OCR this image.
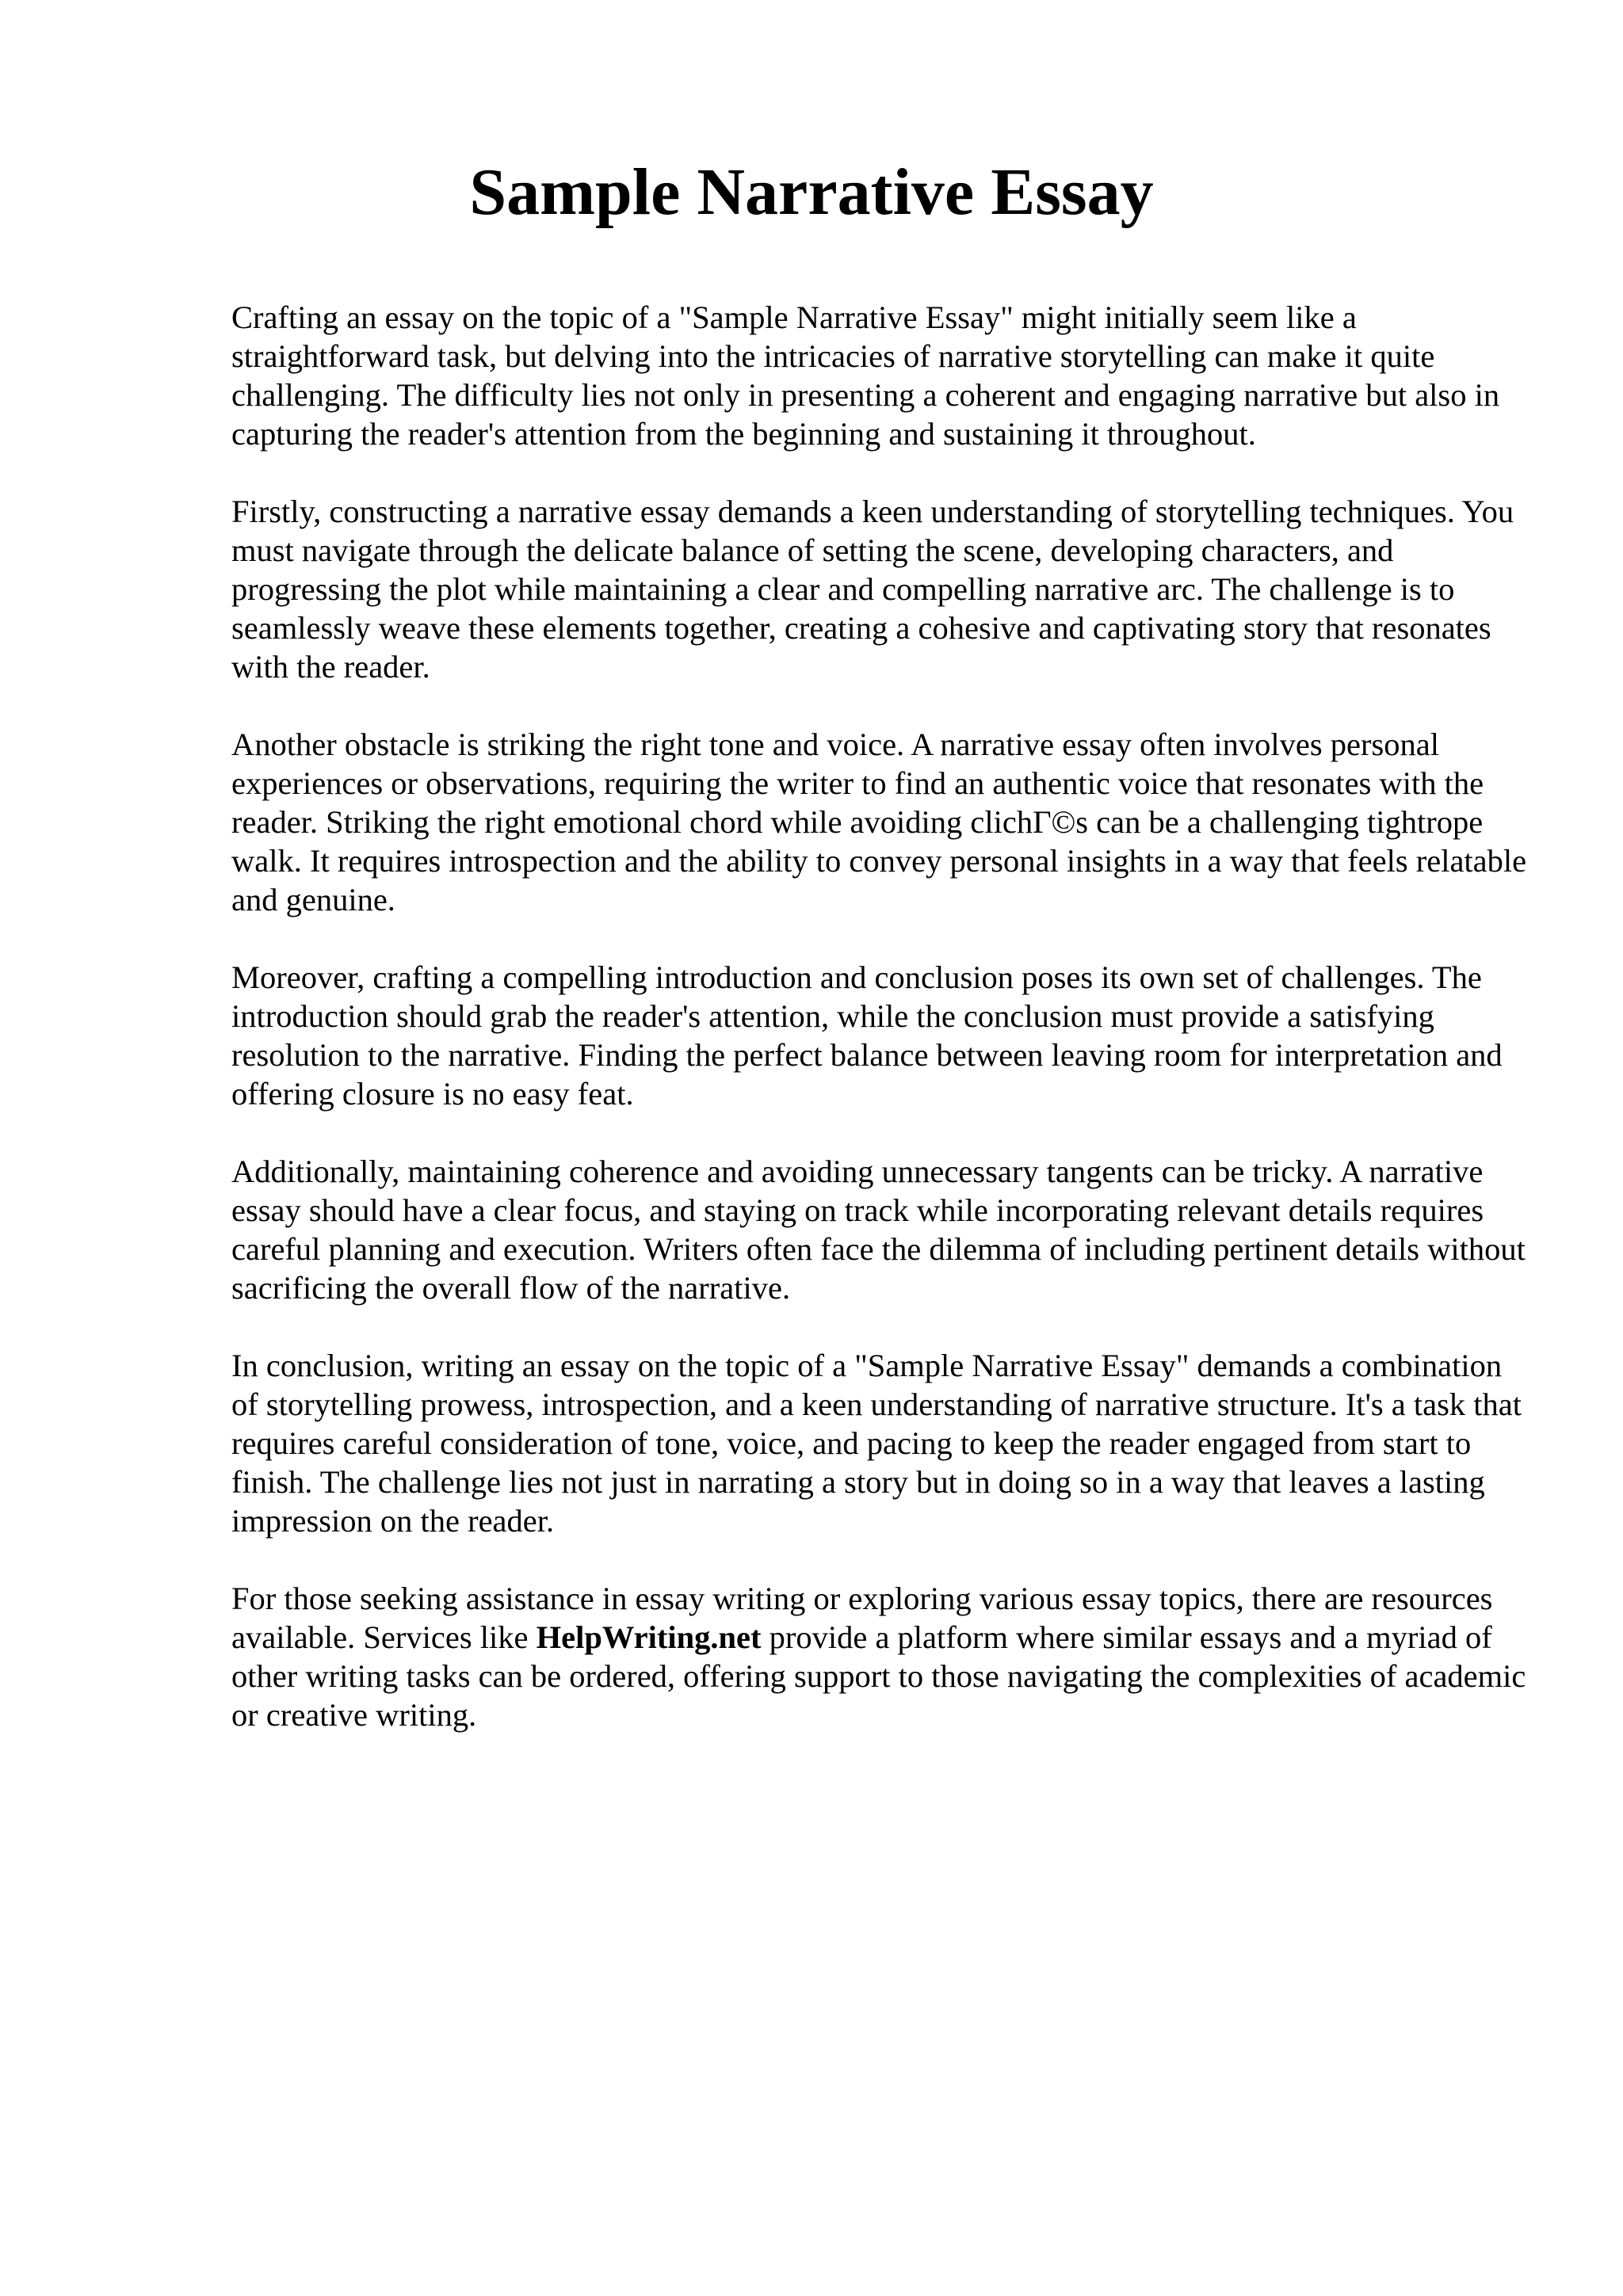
Sample Narrative Essay

Crafting an essay on the topic of a "Sample Narrative Essay" might initially seem like a straightforward task, but delving into the intricacies of narrative storytelling can make it quite challenging. The difficulty lies not only in presenting a coherent and engaging narrative but also in capturing the reader's attention from the beginning and sustaining it throughout.

Firstly, constructing a narrative essay demands a keen understanding of storytelling techniques. You must navigate through the delicate balance of setting the scene, developing characters, and progressing the plot while maintaining a clear and compelling narrative arc. The challenge is to seamlessly weave these elements together, creating a cohesive and captivating story that resonates with the reader.

Another obstacle is striking the right tone and voice. A narrative essay often involves personal experiences or observations, requiring the writer to find an authentic voice that resonates with the reader. Striking the right emotional chord while avoiding clichГ©s can be a challenging tightrope walk. It requires introspection and the ability to convey personal insights in a way that feels relatable and genuine.

Moreover, crafting a compelling introduction and conclusion poses its own set of challenges. The introduction should grab the reader's attention, while the conclusion must provide a satisfying resolution to the narrative. Finding the perfect balance between leaving room for interpretation and offering closure is no easy feat.

Additionally, maintaining coherence and avoiding unnecessary tangents can be tricky. A narrative essay should have a clear focus, and staying on track while incorporating relevant details requires careful planning and execution. Writers often face the dilemma of including pertinent details without sacrificing the overall flow of the narrative.

In conclusion, writing an essay on the topic of a "Sample Narrative Essay" demands a combination of storytelling prowess, introspection, and a keen understanding of narrative structure. It's a task that requires careful consideration of tone, voice, and pacing to keep the reader engaged from start to finish. The challenge lies not just in narrating a story but in doing so in a way that leaves a lasting impression on the reader.

For those seeking assistance in essay writing or exploring various essay topics, there are resources available. Services like HelpWriting.net provide a platform where similar essays and a myriad of other writing tasks can be ordered, offering support to those navigating the complexities of academic or creative writing.
